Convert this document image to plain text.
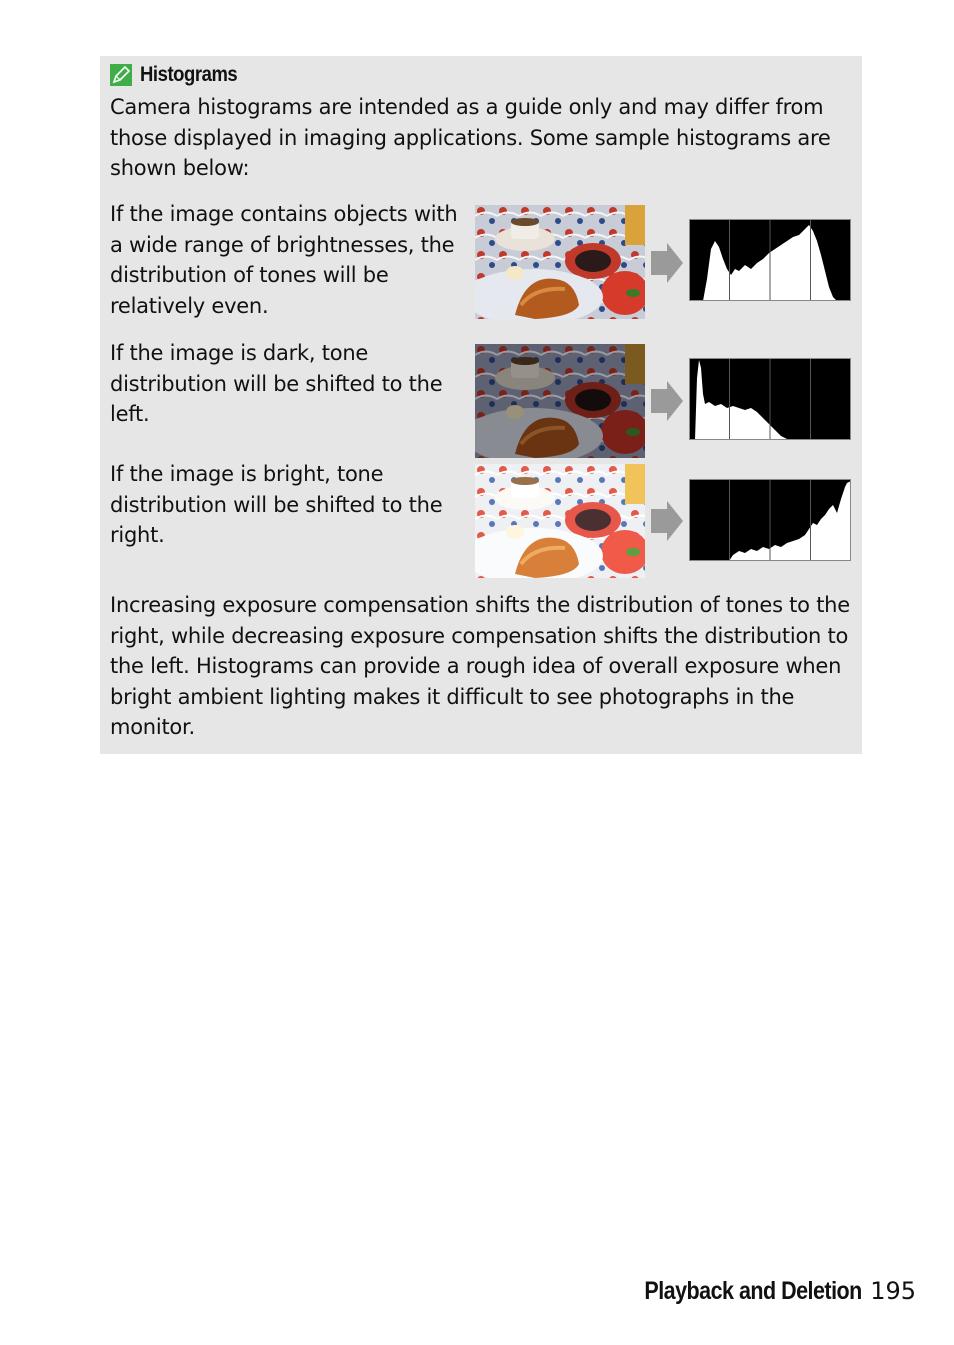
Histograms

Camera histograms are intended as a guide only and may differ from those displayed in imaging applications. Some sample histograms are shown below:

If the image contains objects with a wide range of brightnesses, the distribution of tones will be relatively even.

If the image is dark, tone distribution will be shifted to the left.

If the image is bright, tone distribution will be shifted to the right.

Increasing exposure compensation shifts the distribution of tones to the right, while decreasing exposure compensation shifts the distribution to the left. Histograms can provide a rough idea of overall exposure when bright ambient lighting makes it difficult to see photographs in the monitor.

Playback and Deletion 195
